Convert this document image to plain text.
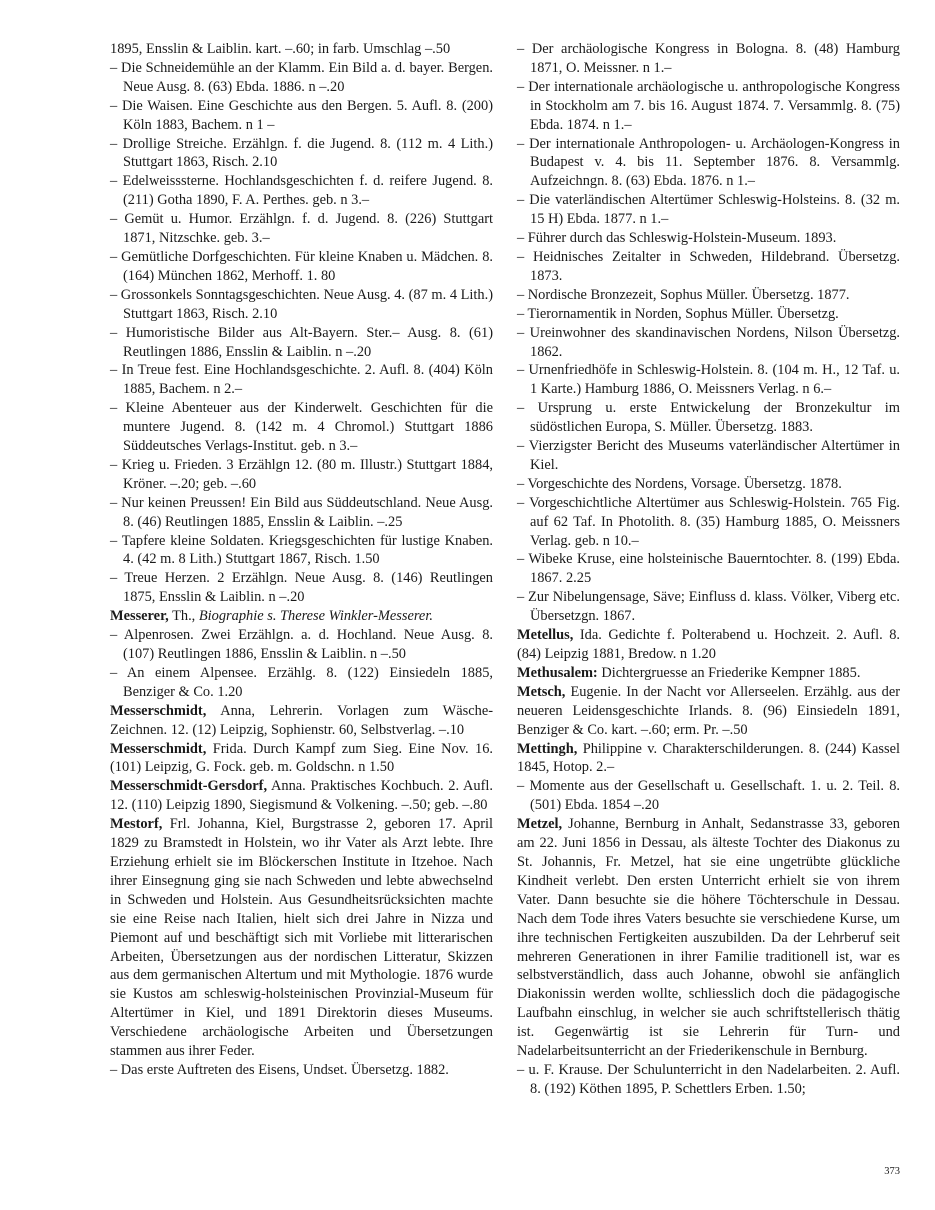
1895, Ensslin & Laiblin. kart. –.60; in farb. Umschlag –.50

– Die Schneidemühle an der Klamm. Ein Bild a. d. bayer. Bergen. Neue Ausg. 8. (63) Ebda. 1886. n –.20

– Die Waisen. Eine Geschichte aus den Bergen. 5. Aufl. 8. (200) Köln 1883, Bachem. n 1 –

– Drollige Streiche. Erzählgn. f. die Jugend. 8. (112 m. 4 Lith.) Stuttgart 1863, Risch. 2.10

– Edelweisssterne. Hochlandsgeschichten f. d. reifere Jugend. 8. (211) Gotha 1890, F. A. Perthes. geb. n 3.–

– Gemüt u. Humor. Erzählgn. f. d. Jugend. 8. (226) Stuttgart 1871, Nitzschke. geb. 3.–

– Gemütliche Dorfgeschichten. Für kleine Knaben u. Mädchen. 8. (164) München 1862, Merhoff. 1. 80

– Grossonkels Sonntagsgeschichten. Neue Ausg. 4. (87 m. 4 Lith.) Stuttgart 1863, Risch. 2.10

– Humoristische Bilder aus Alt-Bayern. Ster.– Ausg. 8. (61) Reutlingen 1886, Ensslin & Laiblin. n –.20

– In Treue fest. Eine Hochlandsgeschichte. 2. Aufl. 8. (404) Köln 1885, Bachem. n 2.–

– Kleine Abenteuer aus der Kinderwelt. Geschichten für die muntere Jugend. 8. (142 m. 4 Chromol.) Stuttgart 1886 Süddeutsches Verlags-Institut. geb. n 3.–

– Krieg u. Frieden. 3 Erzählgn 12. (80 m. Illustr.) Stuttgart 1884, Kröner. –.20; geb. –.60

– Nur keinen Preussen! Ein Bild aus Süddeutschland. Neue Ausg. 8. (46) Reutlingen 1885, Ensslin & Laiblin. –.25

– Tapfere kleine Soldaten. Kriegsgeschichten für lustige Knaben. 4. (42 m. 8 Lith.) Stuttgart 1867, Risch. 1.50

– Treue Herzen. 2 Erzählgn. Neue Ausg. 8. (146) Reutlingen 1875, Ensslin & Laiblin. n –.20

Messerer, Th., Biographie s. Therese Winkler-Messerer.

– Alpenrosen. Zwei Erzählgn. a. d. Hochland. Neue Ausg. 8. (107) Reutlingen 1886, Ensslin & Laiblin. n –.50

– An einem Alpensee. Erzählg. 8. (122) Einsiedeln 1885, Benziger & Co. 1.20

Messerschmidt, Anna, Lehrerin. Vorlagen zum Wäsche-Zeichnen. 12. (12) Leipzig, Sophienstr. 60, Selbstverlag. –.10

Messerschmidt, Frida. Durch Kampf zum Sieg. Eine Nov. 16. (101) Leipzig, G. Fock. geb. m. Goldschn. n 1.50

Messerschmidt-Gersdorf, Anna. Praktisches Kochbuch. 2. Aufl. 12. (110) Leipzig 1890, Siegismund & Volkening. –.50; geb. –.80

Mestorf, Frl. Johanna, Kiel, Burgstrasse 2, geboren 17. April 1829 zu Bramstedt in Holstein, wo ihr Vater als Arzt lebte. Ihre Erziehung erhielt sie im Blöckerschen Institute in Itzehoe. Nach ihrer Einsegnung ging sie nach Schweden und lebte abwechselnd in Schweden und Holstein. Aus Gesundheitsrücksichten machte sie eine Reise nach Italien, hielt sich drei Jahre in Nizza und Piemont auf und beschäftigt sich mit Vorliebe mit litterarischen Arbeiten, Übersetzungen aus der nordischen Litteratur, Skizzen aus dem germanischen Altertum und mit Mythologie. 1876 wurde sie Kustos am schleswig-holsteinischen Provinzial-Museum für Altertümer in Kiel, und 1891 Direktorin dieses Museums. Verschiedene archäologische Arbeiten und Übersetzungen stammen aus ihrer Feder.

– Das erste Auftreten des Eisens, Undset. Übersetzg. 1882.

– Der archäologische Kongress in Bologna. 8. (48) Hamburg 1871, O. Meissner. n 1.–

– Der internationale archäologische u. anthropologische Kongress in Stockholm am 7. bis 16. August 1874. 7. Versammlg. 8. (75) Ebda. 1874. n 1.–

– Der internationale Anthropologen- u. Archäologen-Kongress in Budapest v. 4. bis 11. September 1876. 8. Versammlg. Aufzeichngn. 8. (63) Ebda. 1876. n 1.–

– Die vaterländischen Altertümer Schleswig-Holsteins. 8. (32 m. 15 H) Ebda. 1877. n 1.–

– Führer durch das Schleswig-Holstein-Museum. 1893.

– Heidnisches Zeitalter in Schweden, Hildebrand. Übersetzg. 1873.

– Nordische Bronzezeit, Sophus Müller. Übersetzg. 1877.

– Tierornamentik in Norden, Sophus Müller. Übersetzg.

– Ureinwohner des skandinavischen Nordens, Nilson Übersetzg. 1862.

– Urnenfriedhöfe in Schleswig-Holstein. 8. (104 m. H., 12 Taf. u. 1 Karte.) Hamburg 1886, O. Meissners Verlag. n 6.–

– Ursprung u. erste Entwickelung der Bronzekultur im südöstlichen Europa, S. Müller. Übersetzg. 1883.

– Vierzigster Bericht des Museums vaterländischer Altertümer in Kiel.

– Vorgeschichte des Nordens, Vorsage. Übersetzg. 1878.

– Vorgeschichtliche Altertümer aus Schleswig-Holstein. 765 Fig. auf 62 Taf. In Photolith. 8. (35) Hamburg 1885, O. Meissners Verlag. geb. n 10.–

– Wibeke Kruse, eine holsteinische Bauerntochter. 8. (199) Ebda. 1867. 2.25

– Zur Nibelungensage, Säve; Einfluss d. klass. Völker, Viberg etc. Übersetzgn. 1867.

Metellus, Ida. Gedichte f. Polterabend u. Hochzeit. 2. Aufl. 8. (84) Leipzig 1881, Bredow. n 1.20

Methusalem: Dichtergruesse an Friederike Kempner 1885.

Metsch, Eugenie. In der Nacht vor Allerseelen. Erzählg. aus der neueren Leidensgeschichte Irlands. 8. (96) Einsiedeln 1891, Benziger & Co. kart. –.60; erm. Pr. –.50

Mettingh, Philippine v. Charakterschilderungen. 8. (244) Kassel 1845, Hotop. 2.–

– Momente aus der Gesellschaft u. Gesellschaft. 1. u. 2. Teil. 8. (501) Ebda. 1854 –.20

Metzel, Johanne, Bernburg in Anhalt, Sedanstrasse 33, geboren am 22. Juni 1856 in Dessau, als älteste Tochter des Diakonus zu St. Johannis, Fr. Metzel, hat sie eine ungetrübte glückliche Kindheit verlebt. Den ersten Unterricht erhielt sie von ihrem Vater. Dann besuchte sie die höhere Töchterschule in Dessau. Nach dem Tode ihres Vaters besuchte sie verschiedene Kurse, um ihre technischen Fertigkeiten auszubilden. Da der Lehrberuf seit mehreren Generationen in ihrer Familie traditionell ist, war es selbstverständlich, dass auch Johanne, obwohl sie anfänglich Diakonissin werden wollte, schliesslich doch die pädagogische Laufbahn einschlug, in welcher sie auch schriftstellerisch thätig ist. Gegenwärtig ist sie Lehrerin für Turn- und Nadelarbeitsunterricht an der Friederikenschule in Bernburg.

– u. F. Krause. Der Schulunterricht in den Nadelarbeiten. 2. Aufl. 8. (192) Köthen 1895, P. Schettlers Erben. 1.50;

373
